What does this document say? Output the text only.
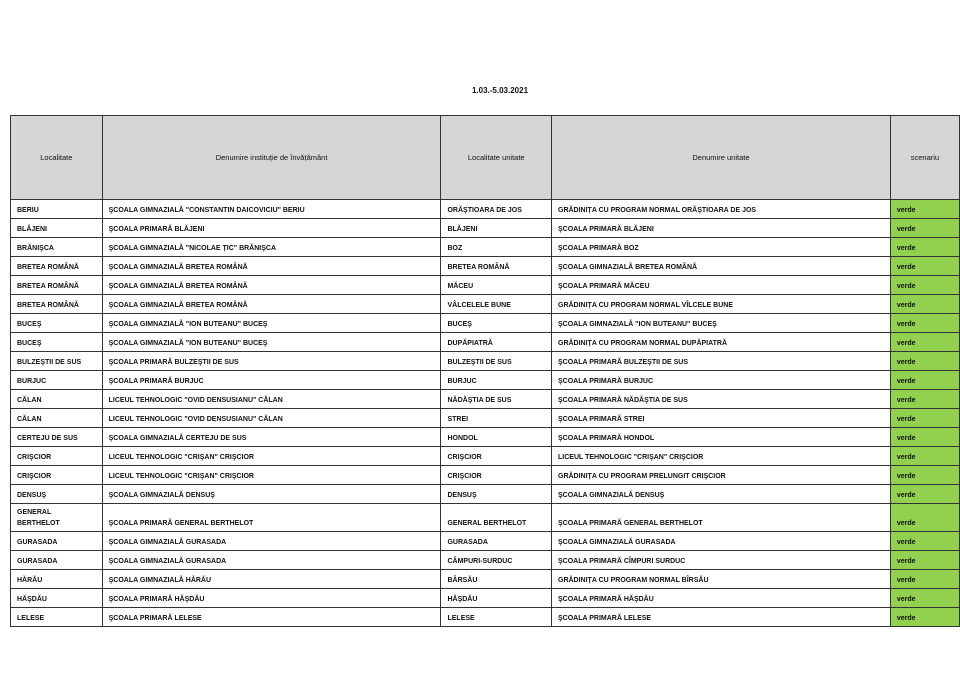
1.03.-5.03.2021
Localitate	Denumire instituție de învățământ	Localitate unitate	Denumire unitate	scenariu
BERIU	ŞCOALA GIMNAZIALĂ "CONSTANTIN DAICOVICIU" BERIU	ORĂŞTIOARA DE JOS	GRĂDINIȚA CU PROGRAM NORMAL ORĂŞTIOARA DE JOS	verde
BLĂJENI	ŞCOALA PRIMARĂ BLĂJENI	BLĂJENI	ŞCOALA PRIMARĂ BLĂJENI	verde
BRĂNIŞCA	ŞCOALA GIMNAZIALĂ "NICOLAE ȚIC" BRĂNIŞCA	BOZ	ŞCOALA PRIMARĂ BOZ	verde
BRETEA ROMÂNĂ	ŞCOALA GIMNAZIALĂ BRETEA ROMÂNĂ	BRETEA ROMÂNĂ	ŞCOALA GIMNAZIALĂ BRETEA ROMÂNĂ	verde
BRETEA ROMÂNĂ	ŞCOALA GIMNAZIALĂ BRETEA ROMÂNĂ	MĂCEU	ŞCOALA PRIMARĂ MĂCEU	verde
BRETEA ROMÂNĂ	ŞCOALA GIMNAZIALĂ BRETEA ROMÂNĂ	VÂLCELELE BUNE	GRĂDINIȚA CU PROGRAM NORMAL VÎLCELE BUNE	verde
BUCEŞ	ŞCOALA GIMNAZIALĂ "ION BUTEANU" BUCEŞ	BUCEŞ	ŞCOALA GIMNAZIALĂ "ION BUTEANU" BUCEŞ	verde
BUCEŞ	ŞCOALA GIMNAZIALĂ "ION BUTEANU" BUCEŞ	DUPĂPIATRĂ	GRĂDINIȚA CU PROGRAM NORMAL DUPĂPIATRĂ	verde
BULZEŞTII DE SUS	ŞCOALA PRIMARĂ BULZEŞTII DE SUS	BULZEŞTII DE SUS	ŞCOALA PRIMARĂ BULZEŞTII DE SUS	verde
BURJUC	ŞCOALA PRIMARĂ BURJUC	BURJUC	ŞCOALA PRIMARĂ BURJUC	verde
CĂLAN	LICEUL TEHNOLOGIC "OVID DENSUSIANU" CĂLAN	NĂDĂŞTIA DE SUS	ŞCOALA PRIMARĂ NĂDĂŞTIA DE SUS	verde
CĂLAN	LICEUL TEHNOLOGIC "OVID DENSUSIANU" CĂLAN	STREI	ŞCOALA PRIMARĂ STREI	verde
CERTEJU DE SUS	ŞCOALA GIMNAZIALĂ CERTEJU DE SUS	HONDOL	ŞCOALA PRIMARĂ HONDOL	verde
CRIŞCIOR	LICEUL TEHNOLOGIC "CRIŞAN" CRIŞCIOR	CRIŞCIOR	LICEUL TEHNOLOGIC "CRIŞAN" CRIŞCIOR	verde
CRIŞCIOR	LICEUL TEHNOLOGIC "CRIŞAN" CRIŞCIOR	CRIŞCIOR	GRĂDINIȚA CU PROGRAM PRELUNGIT CRIŞCIOR	verde
DENSUŞ	ŞCOALA GIMNAZIALĂ DENSUŞ	DENSUŞ	ŞCOALA GIMNAZIALĂ DENSUŞ	verde
GENERAL BERTHELOT	ŞCOALA PRIMARĂ GENERAL BERTHELOT	GENERAL BERTHELOT	ŞCOALA PRIMARĂ GENERAL BERTHELOT	verde
GURASADA	ŞCOALA GIMNAZIALĂ GURASADA	GURASADA	ŞCOALA GIMNAZIALĂ GURASADA	verde
GURASADA	ŞCOALA GIMNAZIALĂ GURASADA	CÂMPURI-SURDUC	ŞCOALA PRIMARĂ CÎMPURI SURDUC	verde
HĂRĂU	ŞCOALA GIMNAZIALĂ HĂRĂU	BÂRSĂU	GRĂDINIȚA CU PROGRAM NORMAL BÎRSĂU	verde
HĂŞDĂU	ŞCOALA PRIMARĂ HĂŞDĂU	HĂŞDĂU	ŞCOALA PRIMARĂ HĂŞDĂU	verde
LELESE	ŞCOALA PRIMARĂ LELESE	LELESE	ŞCOALA PRIMARĂ LELESE	verde
